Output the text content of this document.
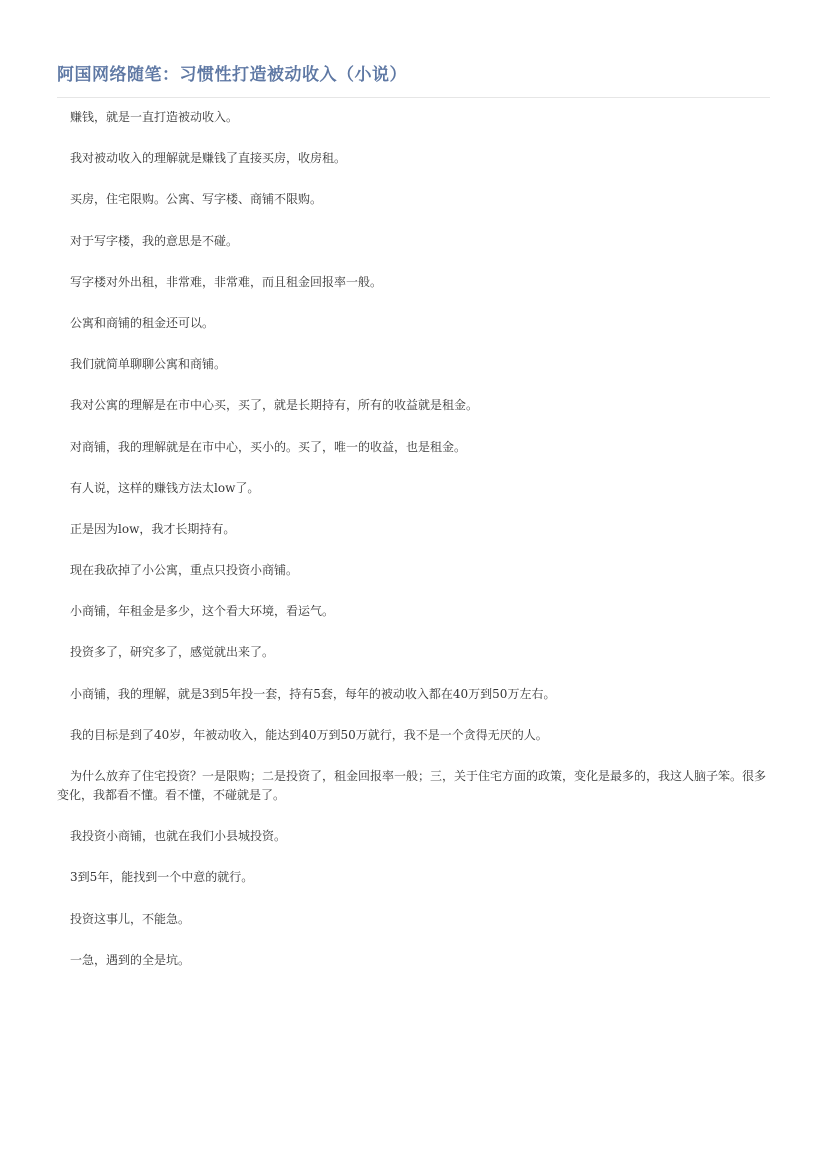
阿国网络随笔：习惯性打造被动收入（小说）

赚钱，就是一直打造被动收入。

我对被动收入的理解就是赚钱了直接买房，收房租。

买房，住宅限购。公寓、写字楼、商铺不限购。

对于写字楼，我的意思是不碰。

写字楼对外出租，非常难，非常难，而且租金回报率一般。

公寓和商铺的租金还可以。

我们就简单聊聊公寓和商铺。

我对公寓的理解是在市中心买，买了，就是长期持有，所有的收益就是租金。

对商铺，我的理解就是在市中心，买小的。买了，唯一的收益，也是租金。

有人说，这样的赚钱方法太low了。

正是因为low，我才长期持有。

现在我砍掉了小公寓，重点只投资小商铺。

小商铺，年租金是多少，这个看大环境，看运气。

投资多了，研究多了，感觉就出来了。

小商铺，我的理解，就是3到5年投一套，持有5套，每年的被动收入都在40万到50万左右。

我的目标是到了40岁，年被动收入，能达到40万到50万就行，我不是一个贪得无厌的人。

为什么放弃了住宅投资？一是限购；二是投资了，租金回报率一般；三，关于住宅方面的政策，变化是最多的，我这人脑子笨。很多变化，我都看不懂。看不懂，不碰就是了。

我投资小商铺，也就在我们小县城投资。

3到5年，能找到一个中意的就行。

投资这事儿，不能急。

一急，遇到的全是坑。
